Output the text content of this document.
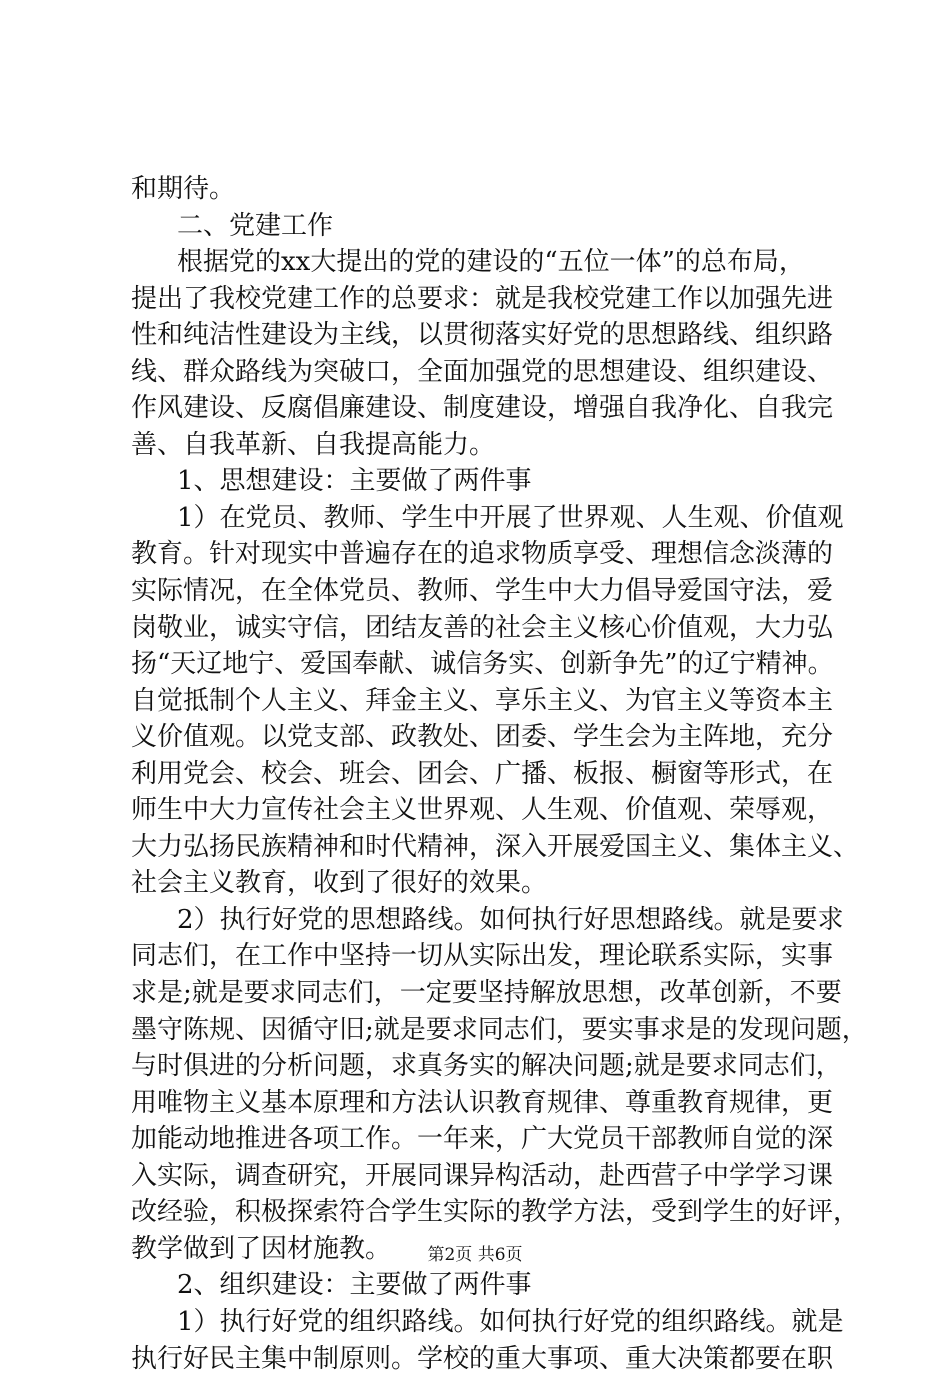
和期待。
二、党建工作
根据党的xx大提出的党的建设的“五位一体”的总布局，
提出了我校党建工作的总要求：就是我校党建工作以加强先进
性和纯洁性建设为主线，以贯彻落实好党的思想路线、组织路
线、群众路线为突破口，全面加强党的思想建设、组织建设、
作风建设、反腐倡廉建设、制度建设，增强自我净化、自我完
善、自我革新、自我提高能力。
1、思想建设：主要做了两件事
1）在党员、教师、学生中开展了世界观、人生观、价值观
教育。针对现实中普遍存在的追求物质享受、理想信念淡薄的
实际情况，在全体党员、教师、学生中大力倡导爱国守法，爱
岗敬业，诚实守信，团结友善的社会主义核心价值观，大力弘
扬“天辽地宁、爱国奉献、诚信务实、创新争先”的辽宁精神。
自觉抵制个人主义、拜金主义、享乐主义、为官主义等资本主
义价值观。以党支部、政教处、团委、学生会为主阵地，充分
利用党会、校会、班会、团会、广播、板报、橱窗等形式，在
师生中大力宣传社会主义世界观、人生观、价值观、荣辱观，
大力弘扬民族精神和时代精神，深入开展爱国主义、集体主义、
社会主义教育，收到了很好的效果。
2）执行好党的思想路线。如何执行好思想路线。就是要求
同志们，在工作中坚持一切从实际出发，理论联系实际，实事
求是;就是要求同志们，一定要坚持解放思想，改革创新，不要
墨守陈规、因循守旧;就是要求同志们，要实事求是的发现问题，
与时俱进的分析问题，求真务实的解决问题;就是要求同志们，
用唯物主义基本原理和方法认识教育规律、尊重教育规律，更
加能动地推进各项工作。一年来，广大党员干部教师自觉的深
入实际，调查研究，开展同课异构活动，赴西营子中学学习课
改经验，积极探索符合学生实际的教学方法，受到学生的好评，
教学做到了因材施教。
2、组织建设：主要做了两件事
1）执行好党的组织路线。如何执行好党的组织路线。就是
执行好民主集中制原则。学校的重大事项、重大决策都要在职
第2页 共6页
